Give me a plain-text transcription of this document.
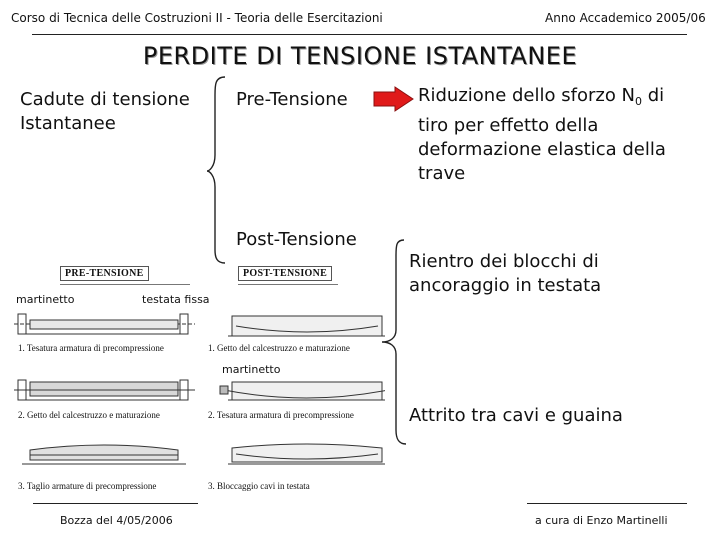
Corso di Tecnica delle Costruzioni II - Teoria delle Esercitazioni	Anno Accademico 2005/06
PERDITE DI TENSIONE ISTANTANEE
Cadute di tensione Istantanee
Pre-Tensione
Post-Tensione
Riduzione dello sforzo $N_0$ di tiro per effetto della deformazione elastica della trave
Rientro dei blocchi di ancoraggio in testata
Attrito tra cavi e guaina
PRE-TENSIONE	POST-TENSIONE
martinetto	testata fissa
martinetto
1. Tesatura armatura di precompressione	1. Getto del calcestruzzo e maturazione
2. Getto del calcestruzzo e maturazione	2. Tesatura armatura di precompressione
3. Taglio armature di precompressione	3. Bloccaggio cavi in testata
Bozza del 4/05/2006	a cura di Enzo Martinelli
